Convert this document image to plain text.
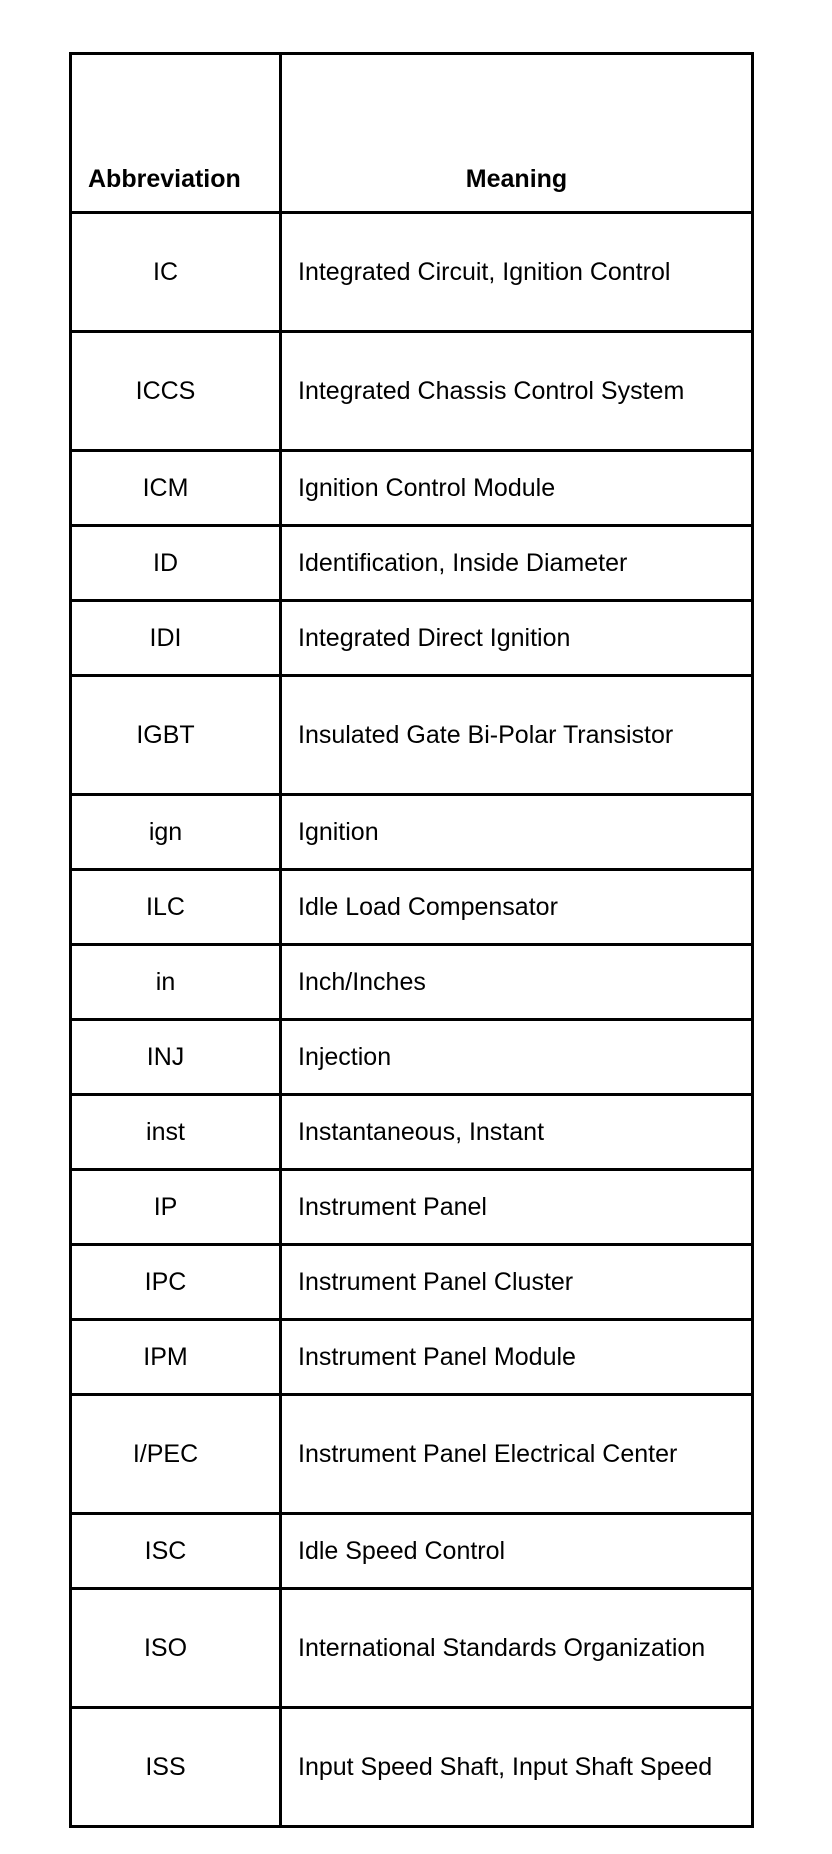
Abbreviation	Meaning
IC	Integrated Circuit, Ignition Control
ICCS	Integrated Chassis Control System
ICM	Ignition Control Module
ID	Identification, Inside Diameter
IDI	Integrated Direct Ignition
IGBT	Insulated Gate Bi-Polar Transistor
ign	Ignition
ILC	Idle Load Compensator
in	Inch/Inches
INJ	Injection
inst	Instantaneous, Instant
IP	Instrument Panel
IPC	Instrument Panel Cluster
IPM	Instrument Panel Module
I/PEC	Instrument Panel Electrical Center
ISC	Idle Speed Control
ISO	International Standards Organization
ISS	Input Speed Shaft, Input Shaft Speed
